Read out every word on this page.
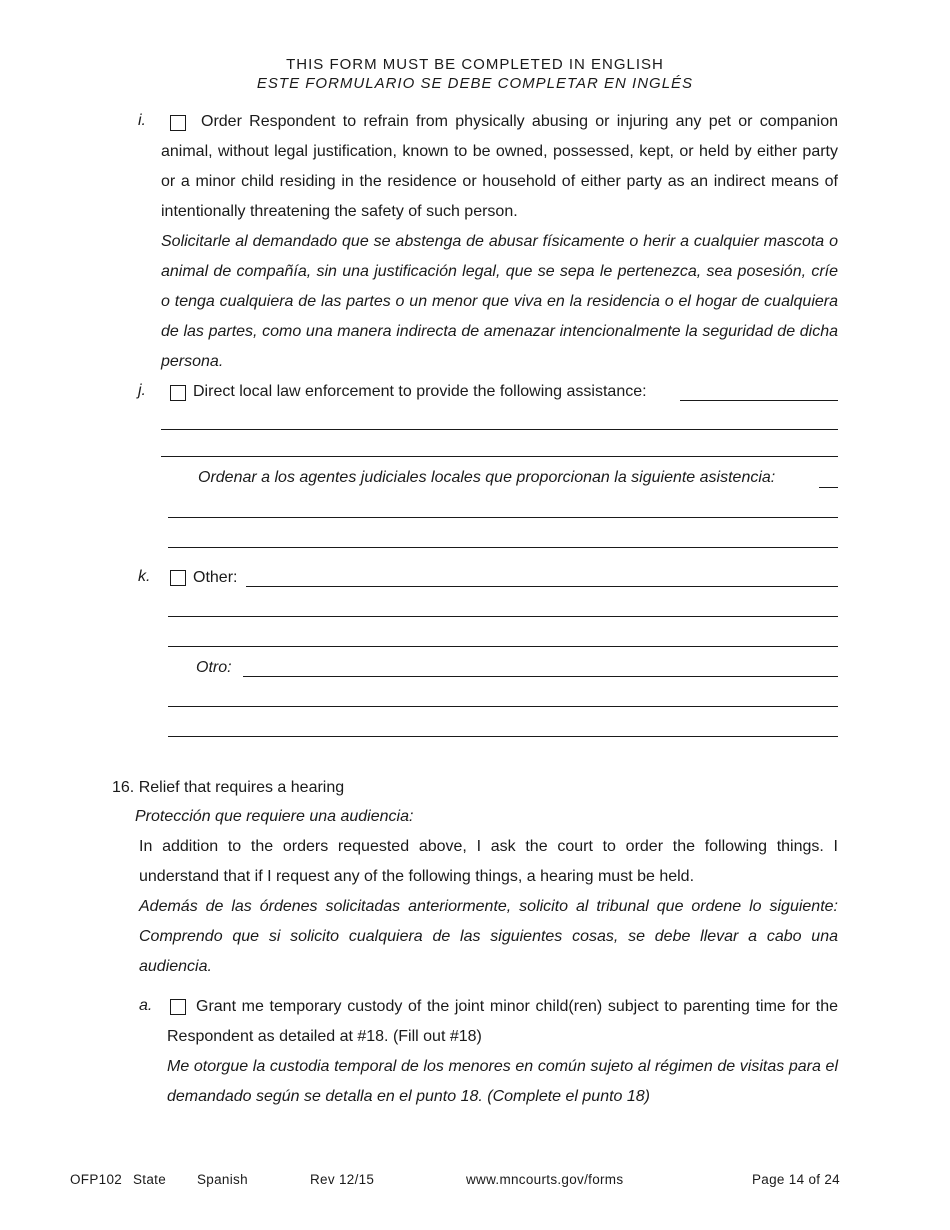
THIS FORM MUST BE COMPLETED IN ENGLISH
ESTE FORMULARIO SE DEBE COMPLETAR EN INGLÉS
i.	Order Respondent to refrain from physically abusing or injuring any pet or companion animal, without legal justification, known to be owned, possessed, kept, or held by either party or a minor child residing in the residence or household of either party as an indirect means of intentionally threatening the safety of such person.
Solicitarle al demandado que se abstenga de abusar físicamente o herir a cualquier mascota o animal de compañía, sin una justificación legal, que se sepa le pertenezca, sea posesión, críe o tenga cualquiera de las partes o un menor que viva en la residencia o el hogar de cualquiera de las partes, como una manera indirecta de amenazar intencionalmente la seguridad de dicha persona.
j.	Direct local law enforcement to provide the following assistance:
Ordenar a los agentes judiciales locales que proporcionan la siguiente asistencia:
k.	Other:
Otro:
16. Relief that requires a hearing
Protección que requiere una audiencia:
In addition to the orders requested above, I ask the court to order the following things. I understand that if I request any of the following things, a hearing must be held.
Además de las órdenes solicitadas anteriormente, solicito al tribunal que ordene lo siguiente: Comprendo que si solicito cualquiera de las siguientes cosas, se debe llevar a cabo una audiencia.
a.	Grant me temporary custody of the joint minor child(ren) subject to parenting time for the Respondent as detailed at #18. (Fill out #18)
Me otorgue la custodia temporal de los menores en común sujeto al régimen de visitas para el demandado según se detalla en el punto 18. (Complete el punto 18)
OFP102 State Spanish	Rev 12/15	www.mncourts.gov/forms	Page 14 of 24
